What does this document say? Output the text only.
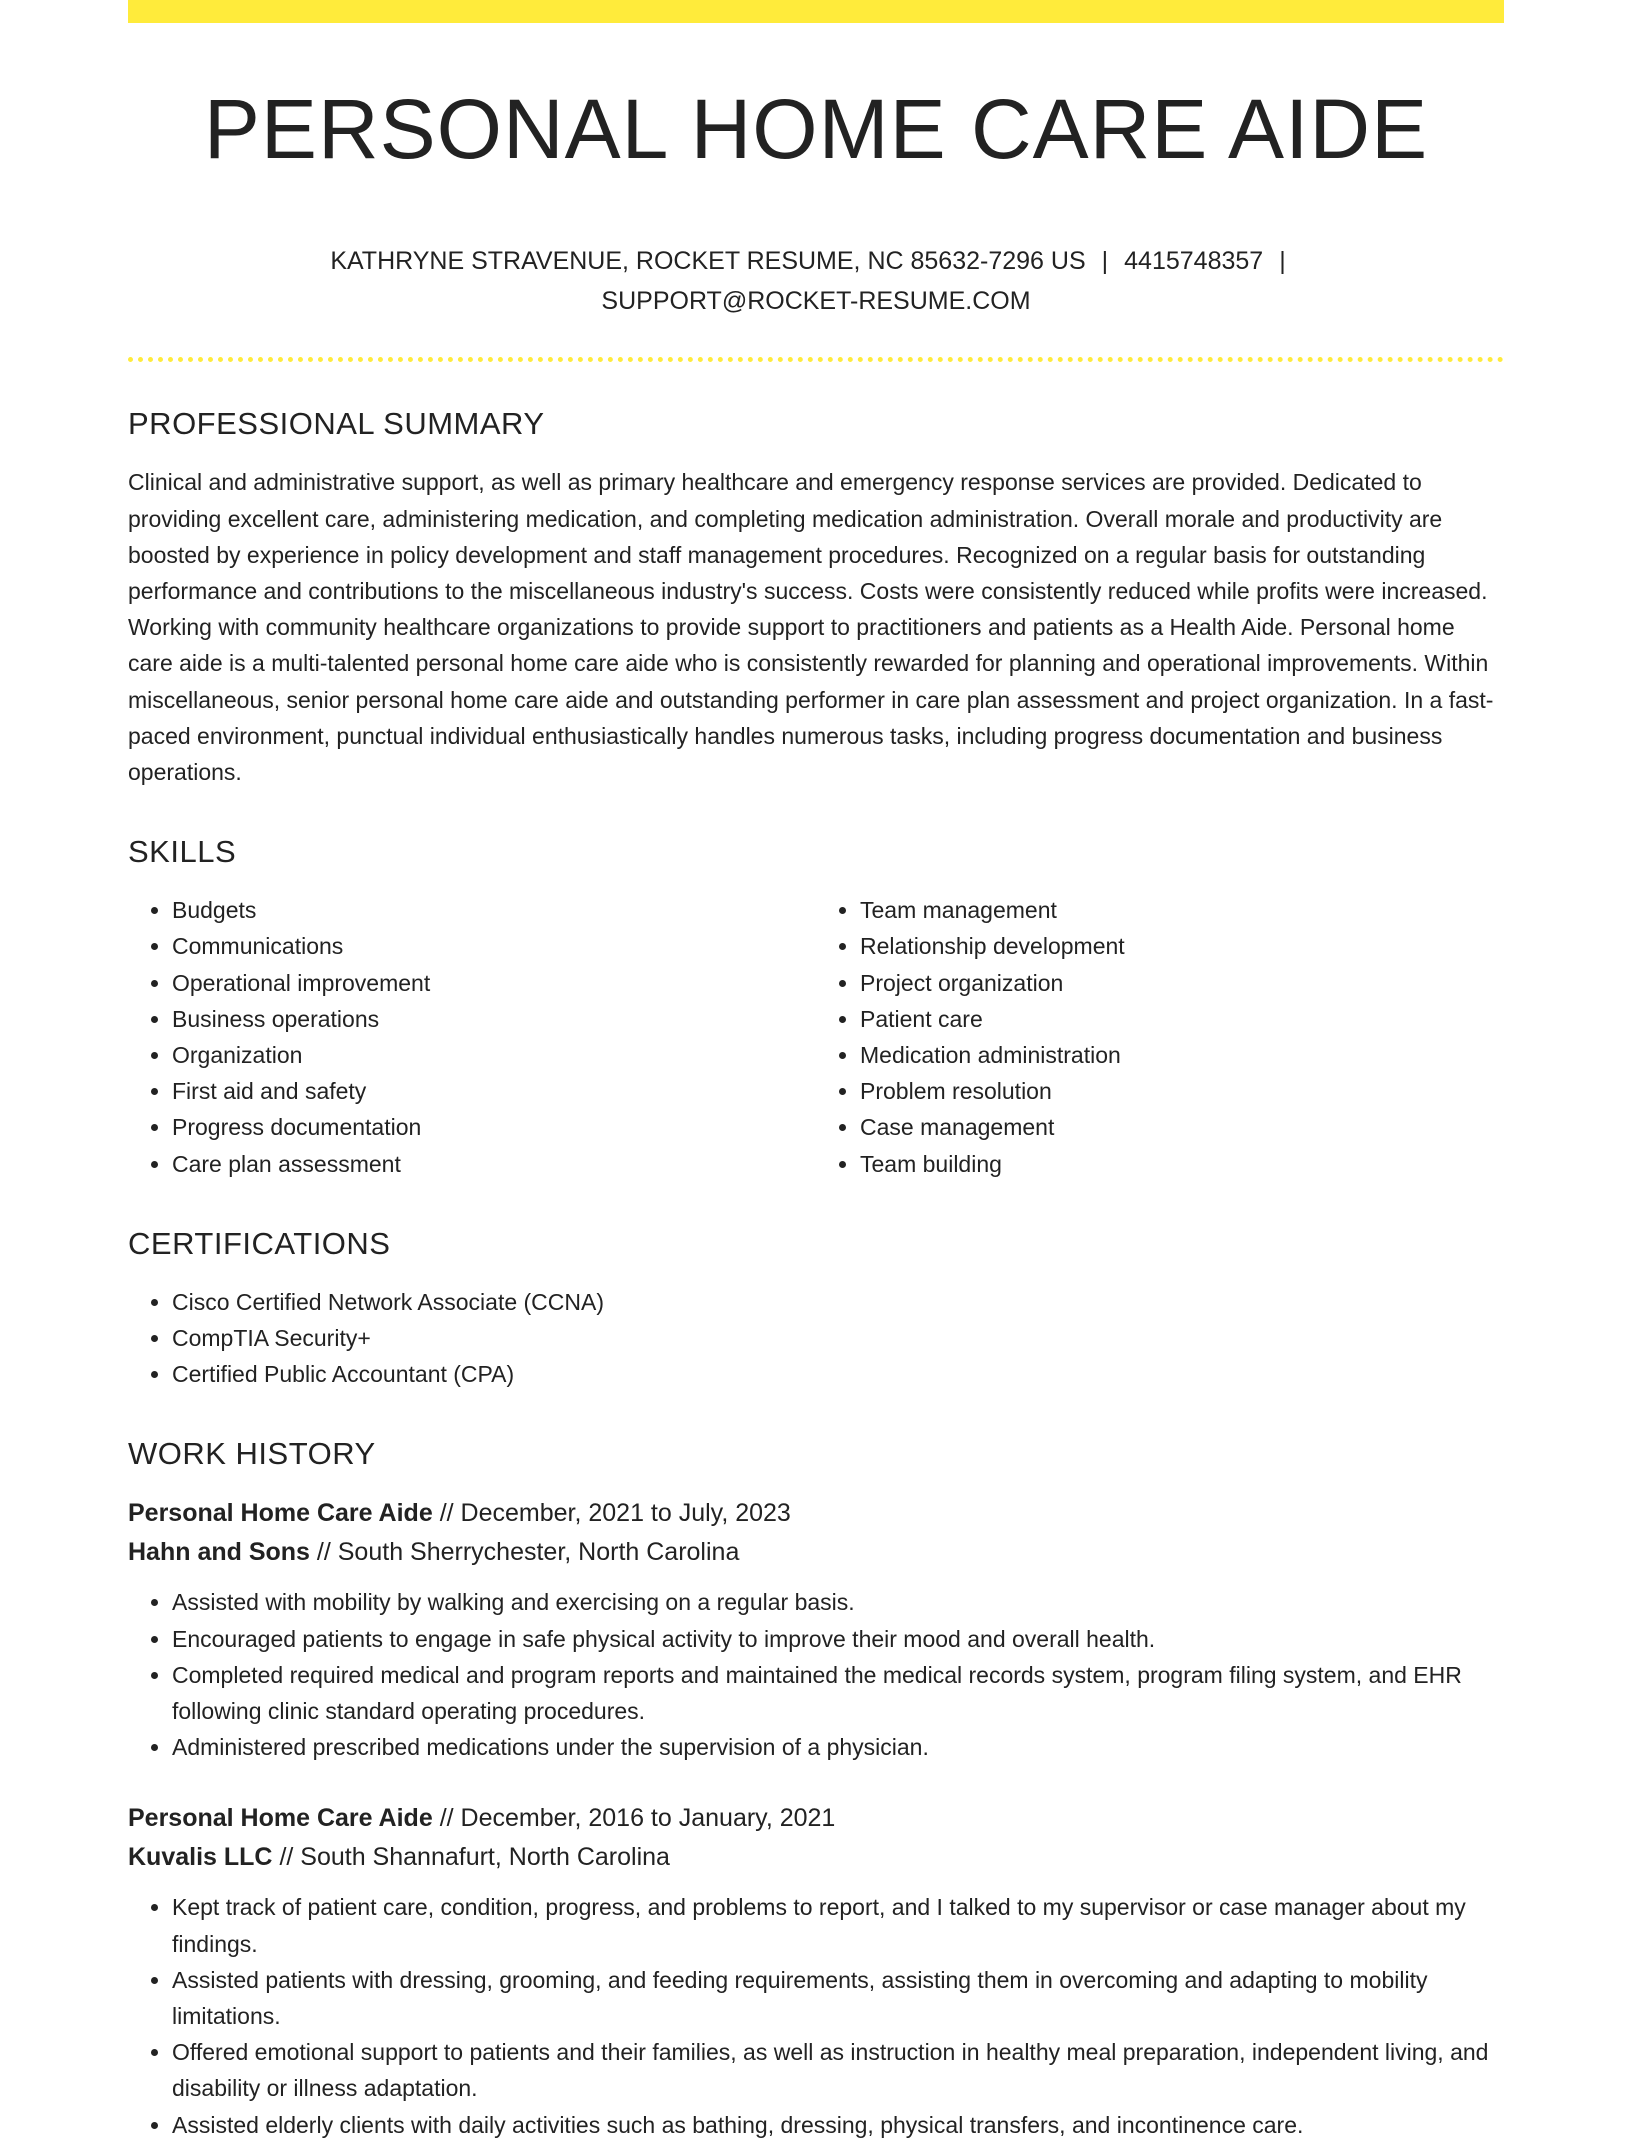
PERSONAL HOME CARE AIDE
KATHRYNE STRAVENUE, ROCKET RESUME, NC 85632-7296 US | 4415748357 |
SUPPORT@ROCKET-RESUME.COM
PROFESSIONAL SUMMARY

Clinical and administrative support, as well as primary healthcare and emergency response services are provided. Dedicated to providing excellent care, administering medication, and completing medication administration. Overall morale and productivity are boosted by experience in policy development and staff management procedures. Recognized on a regular basis for outstanding performance and contributions to the miscellaneous industry's success. Costs were consistently reduced while profits were increased. Working with community healthcare organizations to provide support to practitioners and patients as a Health Aide. Personal home care aide is a multi-talented personal home care aide who is consistently rewarded for planning and operational improvements. Within miscellaneous, senior personal home care aide and outstanding performer in care plan assessment and project organization. In a fast-paced environment, punctual individual enthusiastically handles numerous tasks, including progress documentation and business operations.

SKILLS
• Budgets
• Communications
• Operational improvement
• Business operations
• Organization
• First aid and safety
• Progress documentation
• Care plan assessment
• Team management
• Relationship development
• Project organization
• Patient care
• Medication administration
• Problem resolution
• Case management
• Team building
CERTIFICATIONS
• Cisco Certified Network Associate (CCNA)
• CompTIA Security+
• Certified Public Accountant (CPA)
WORK HISTORY

Personal Home Care Aide // December, 2021 to July, 2023

Hahn and Sons // South Sherrychester, North Carolina

• Assisted with mobility by walking and exercising on a regular basis.
• Encouraged patients to engage in safe physical activity to improve their mood and overall health.
• Completed required medical and program reports and maintained the medical records system, program filing system, and EHR following clinic standard operating procedures.
• Administered prescribed medications under the supervision of a physician.

Personal Home Care Aide // December, 2016 to January, 2021

Kuvalis LLC // South Shannafurt, North Carolina

• Kept track of patient care, condition, progress, and problems to report, and I talked to my supervisor or case manager about my findings.
• Assisted patients with dressing, grooming, and feeding requirements, assisting them in overcoming and adapting to mobility limitations.
• Offered emotional support to patients and their families, as well as instruction in healthy meal preparation, independent living, and disability or illness adaptation.
• Assisted elderly clients with daily activities such as bathing, dressing, physical transfers, and incontinence care.
